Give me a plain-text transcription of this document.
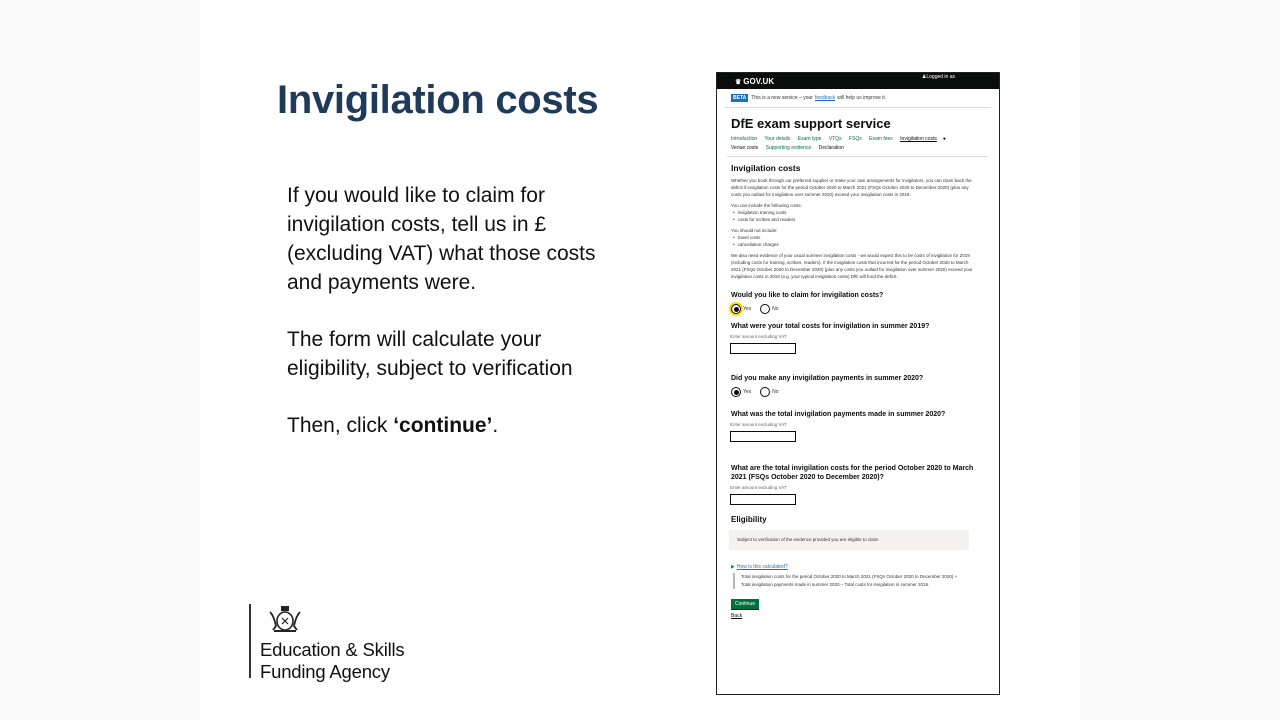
Invigilation costs

If you would like to claim for invigilation costs, tell us in £ (excluding VAT) what those costs and payments were.

The form will calculate your eligibility, subject to verification

Then, click ‘continue’.

Education & Skills
Funding Agency
♛ GOV.UK	♟Logged in as
BETA	This is a new service – your feedback will help us improve it.
DfE exam support service
Introduction Your details Exam type VTQs FSQs Exam fees Invigilation costs ●
Venue costs Supporting evidence Declaration
Invigilation costs

Whether you book through our preferred supplier or make your own arrangements for invigilators, you can claim back the deficit if invigilation costs for the period October 2020 to March 2021 (FSQs October 2020 to December 2020) (plus any costs you outlaid for invigilation over summer 2020) exceed your invigilation costs in 2019.

You can include the following costs:

• invigilation training costs
• costs for scribes and readers

You should not include:

• travel costs
• cancellation charges

We also need evidence of your usual summer invigilation costs - we would expect this to be costs of invigilation for 2019 (including costs for training, scribes, readers). If the invigilation costs that incurred for the period October 2020 to March 2021 (FSQs October 2020 to December 2020) (plus any costs you outlaid for invigilation over summer 2020) exceed your invigilation costs in 2019 (e.g. your typical invigilation costs) DfE will fund the deficit.

Would you like to claim for invigilation costs?
Yes	No
What were your total costs for invigilation in summer 2019?
Enter amount excluding VAT
Did you make any invigilation payments in summer 2020?
Yes	No
What was the total invigilation payments made in summer 2020?
Enter amount excluding VAT
What are the total invigilation costs for the period October 2020 to March 2021 (FSQs October 2020 to December 2020)?
Enter amount excluding VAT
Eligibility
Subject to verification of the evidence provided you are eligible to claim
▶ How is this calculated?
Total invigilation costs for the period October 2020 to March 2021 (FSQs October 2020 to December 2020) + Total invigilation payments made in summer 2020 – Total costs for invigilation in summer 2019.
Continue
Back
